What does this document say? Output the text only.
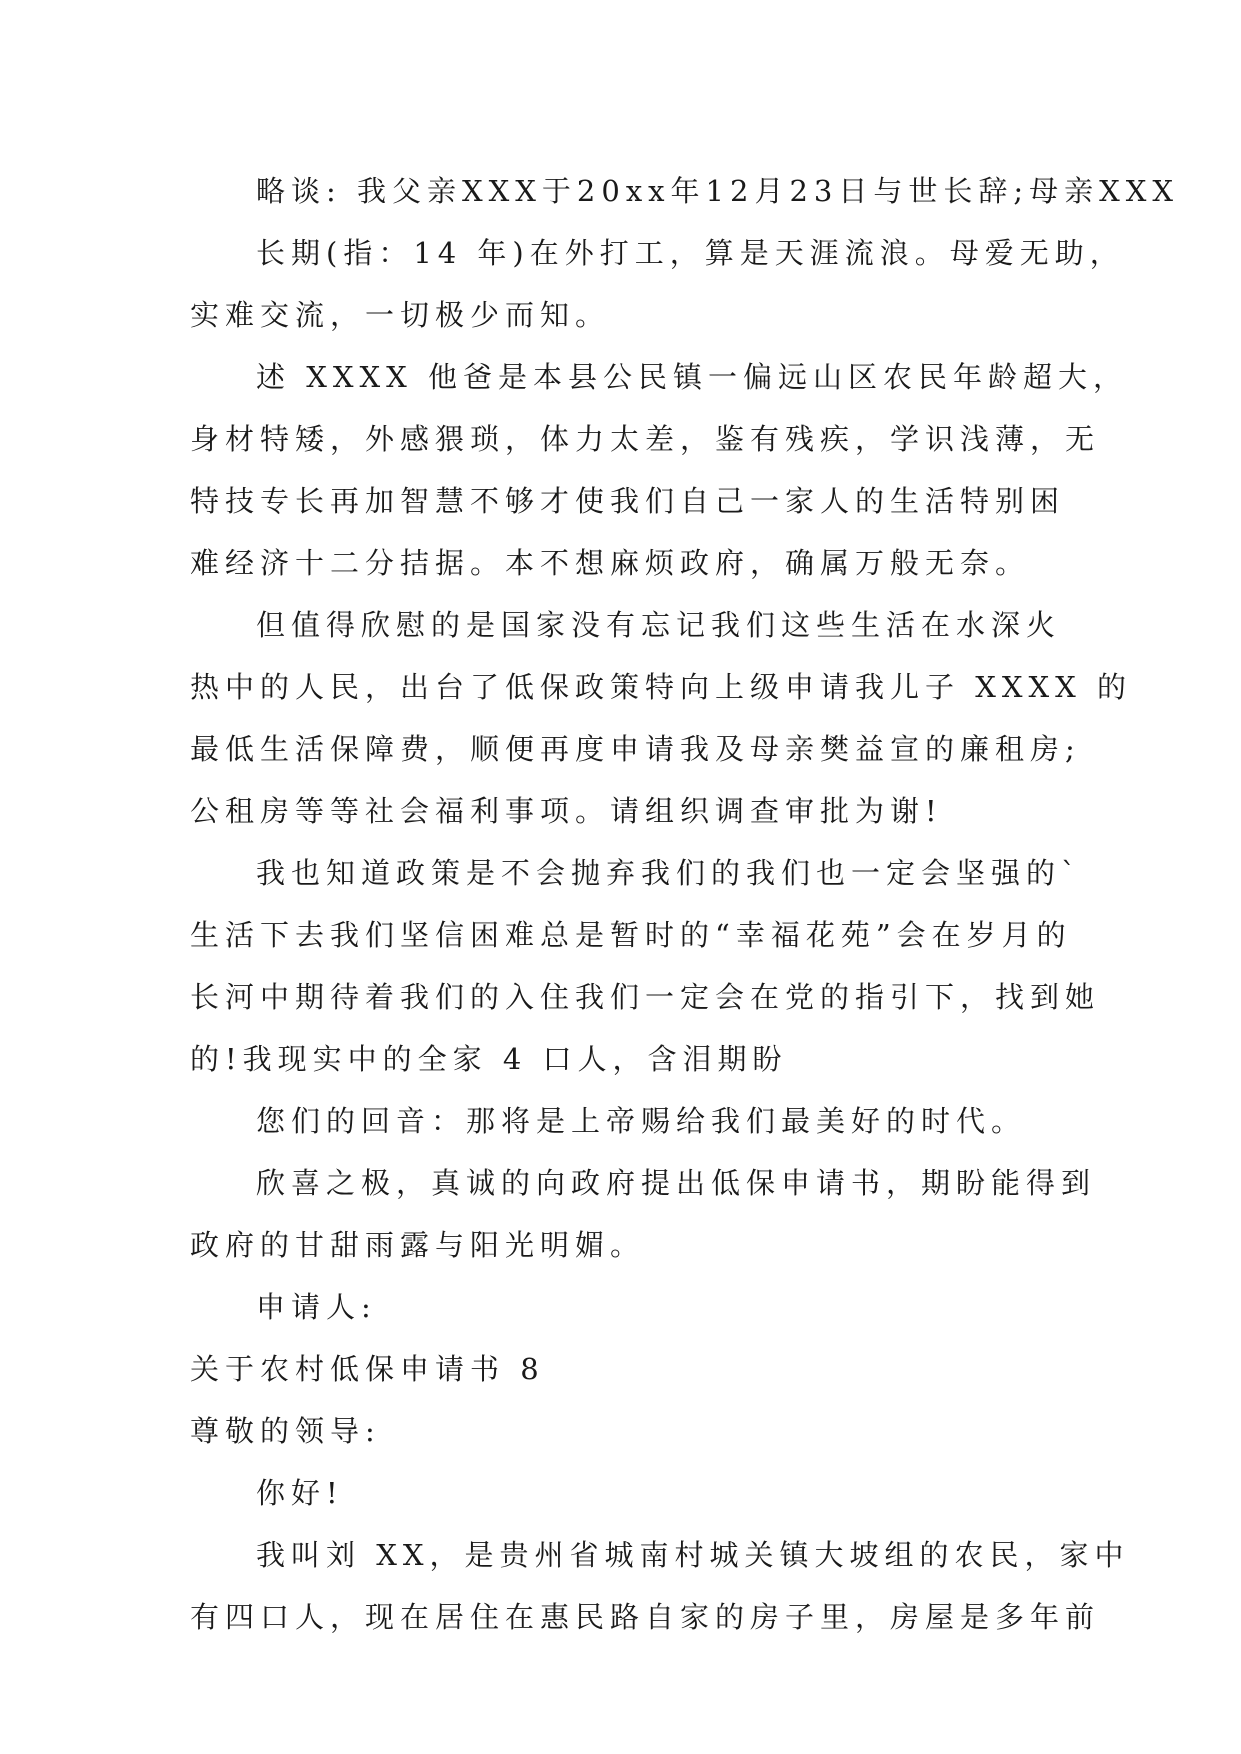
略谈: 我父亲XXX于20xx年12月23日与世长辞;母亲XXX
长期(指：14 年)在外打工，算是天涯流浪。母爱无助，
实难交流，一切极少而知。
述 XXXX 他爸是本县公民镇一偏远山区农民年龄超大，
身材特矮，外感猥琐，体力太差，鉴有残疾，学识浅薄，无
特技专长再加智慧不够才使我们自己一家人的生活特别困
难经济十二分拮据。本不想麻烦政府，确属万般无奈。
但值得欣慰的是国家没有忘记我们这些生活在水深火
热中的人民，出台了低保政策特向上级申请我儿子 XXXX 的
最低生活保障费，顺便再度申请我及母亲樊益宣的廉租房;
公租房等等社会福利事项。请组织调查审批为谢!
我也知道政策是不会抛弃我们的我们也一定会坚强的`
生活下去我们坚信困难总是暂时的“幸福花苑”会在岁月的
长河中期待着我们的入住我们一定会在党的指引下，找到她
的!我现实中的全家 4 口人，含泪期盼
您们的回音：那将是上帝赐给我们最美好的时代。
欣喜之极，真诚的向政府提出低保申请书，期盼能得到
政府的甘甜雨露与阳光明媚。
申请人:
关于农村低保申请书 8
尊敬的领导:
你好!
我叫刘 XX，是贵州省城南村城关镇大坡组的农民，家中
有四口人，现在居住在惠民路自家的房子里，房屋是多年前
